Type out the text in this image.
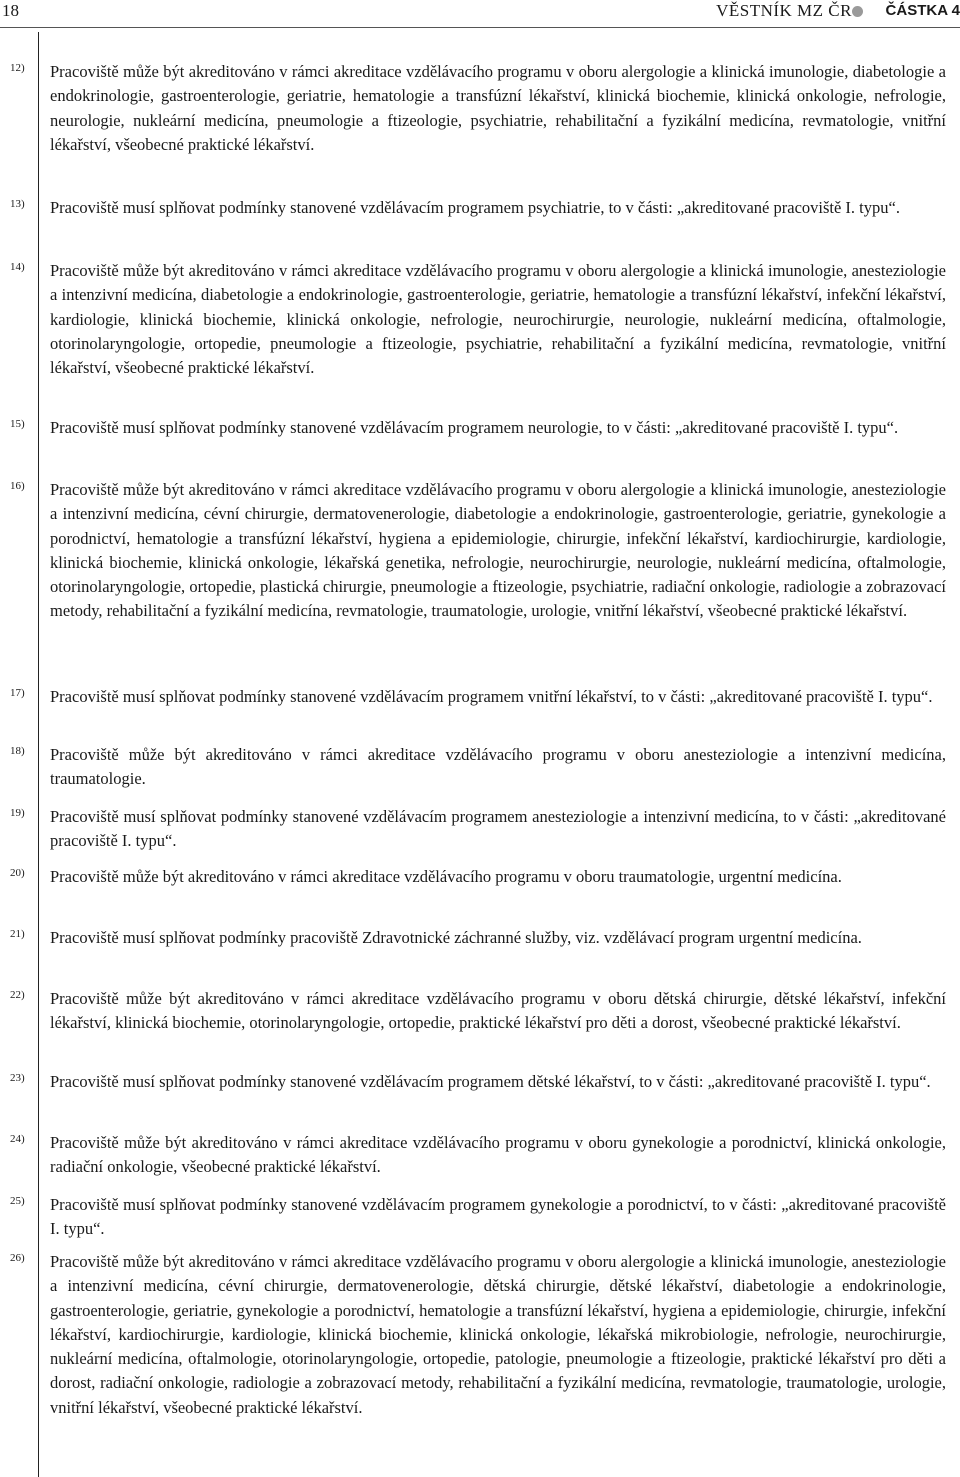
18	VĚSTNÍK MZ ČR ČÁSTKA 4
12) Pracoviště může být akreditováno v rámci akreditace vzdělávacího programu v oboru alergologie a klinická imunologie, diabetologie a endokrinologie, gastroenterologie, geriatrie, hematologie a transfúzní lékařství, klinická biochemie, klinická onkologie, nefrologie, neurologie, nukleární medicína, pneumologie a ftizeologie, psychiatrie, rehabilitační a fyzikální medicína, revmatologie, vnitřní lékařství, všeobecné praktické lékařství.
13) Pracoviště musí splňovat podmínky stanovené vzdělávacím programem psychiatrie, to v části: „akreditované pracoviště I. typu“.
14) Pracoviště může být akreditováno v rámci akreditace vzdělávacího programu v oboru alergologie a klinická imunologie, anesteziologie a intenzivní medicína, diabetologie a endokrinologie, gastroenterologie, geriatrie, hematologie a transfúzní lékařství, infekční lékařství, kardiologie, klinická biochemie, klinická onkologie, nefrologie, neurochirurgie, neurologie, nukleární medicína, oftalmologie, otorinolaryngologie, ortopedie, pneumologie a ftizeologie, psychiatrie, rehabilitační a fyzikální medicína, revmatologie, vnitřní lékařství, všeobecné praktické lékařství.
15) Pracoviště musí splňovat podmínky stanovené vzdělávacím programem neurologie, to v části: „akreditované pracoviště I. typu“.
16) Pracoviště může být akreditováno v rámci akreditace vzdělávacího programu v oboru alergologie a klinická imunologie, anesteziologie a intenzivní medicína, cévní chirurgie, dermatovenerologie, diabetologie a endokrinologie, gastroenterologie, geriatrie, gynekologie a porodnictví, hematologie a transfúzní lékařství, hygiena a epidemiologie, chirurgie, infekční lékařství, kardiochirurgie, kardiologie, klinická biochemie, klinická onkologie, lékařská genetika, nefrologie, neurochirurgie, neurologie, nukleární medicína, oftalmologie, otorinolaryngologie, ortopedie, plastická chirurgie, pneumologie a ftizeologie, psychiatrie, radiační onkologie, radiologie a zobrazovací metody, rehabilitační a fyzikální medicína, revmatologie, traumatologie, urologie, vnitřní lékařství, všeobecné praktické lékařství.
17) Pracoviště musí splňovat podmínky stanovené vzdělávacím programem vnitřní lékařství, to v části: „akreditované pracoviště I. typu“.
18) Pracoviště může být akreditováno v rámci akreditace vzdělávacího programu v oboru anesteziologie a intenzivní medicína, traumatologie.
19) Pracoviště musí splňovat podmínky stanovené vzdělávacím programem anesteziologie a intenzivní medicína, to v části: „akreditované pracoviště I. typu“.
20) Pracoviště může být akreditováno v rámci akreditace vzdělávacího programu v oboru traumatologie, urgentní medicína.
21) Pracoviště musí splňovat podmínky pracoviště Zdravotnické záchranné služby, viz. vzdělávací program urgentní medicína.
22) Pracoviště může být akreditováno v rámci akreditace vzdělávacího programu v oboru dětská chirurgie, dětské lékařství, infekční lékařství, klinická biochemie, otorinolaryngologie, ortopedie, praktické lékařství pro děti a dorost, všeobecné praktické lékařství.
23) Pracoviště musí splňovat podmínky stanovené vzdělávacím programem dětské lékařství, to v části: „akreditované pracoviště I. typu“.
24) Pracoviště může být akreditováno v rámci akreditace vzdělávacího programu v oboru gynekologie a porodnictví, klinická onkologie, radiační onkologie, všeobecné praktické lékařství.
25) Pracoviště musí splňovat podmínky stanovené vzdělávacím programem gynekologie a porodnictví, to v části: „akreditované pracoviště I. typu“.
26) Pracoviště může být akreditováno v rámci akreditace vzdělávacího programu v oboru alergologie a klinická imunologie, anesteziologie a intenzivní medicína, cévní chirurgie, dermatovenerologie, dětská chirurgie, dětské lékařství, diabetologie a endokrinologie, gastroenterologie, geriatrie, gynekologie a porodnictví, hematologie a transfúzní lékařství, hygiena a epidemiologie, chirurgie, infekční lékařství, kardiochirurgie, kardiologie, klinická biochemie, klinická onkologie, lékařská mikrobiologie, nefrologie, neurochirurgie, nukleární medicína, oftalmologie, otorinolaryngologie, ortopedie, patologie, pneumologie a ftizeologie, praktické lékařství pro děti a dorost, radiační onkologie, radiologie a zobrazovací metody, rehabilitační a fyzikální medicína, revmatologie, traumatologie, urologie, vnitřní lékařství, všeobecné praktické lékařství.
